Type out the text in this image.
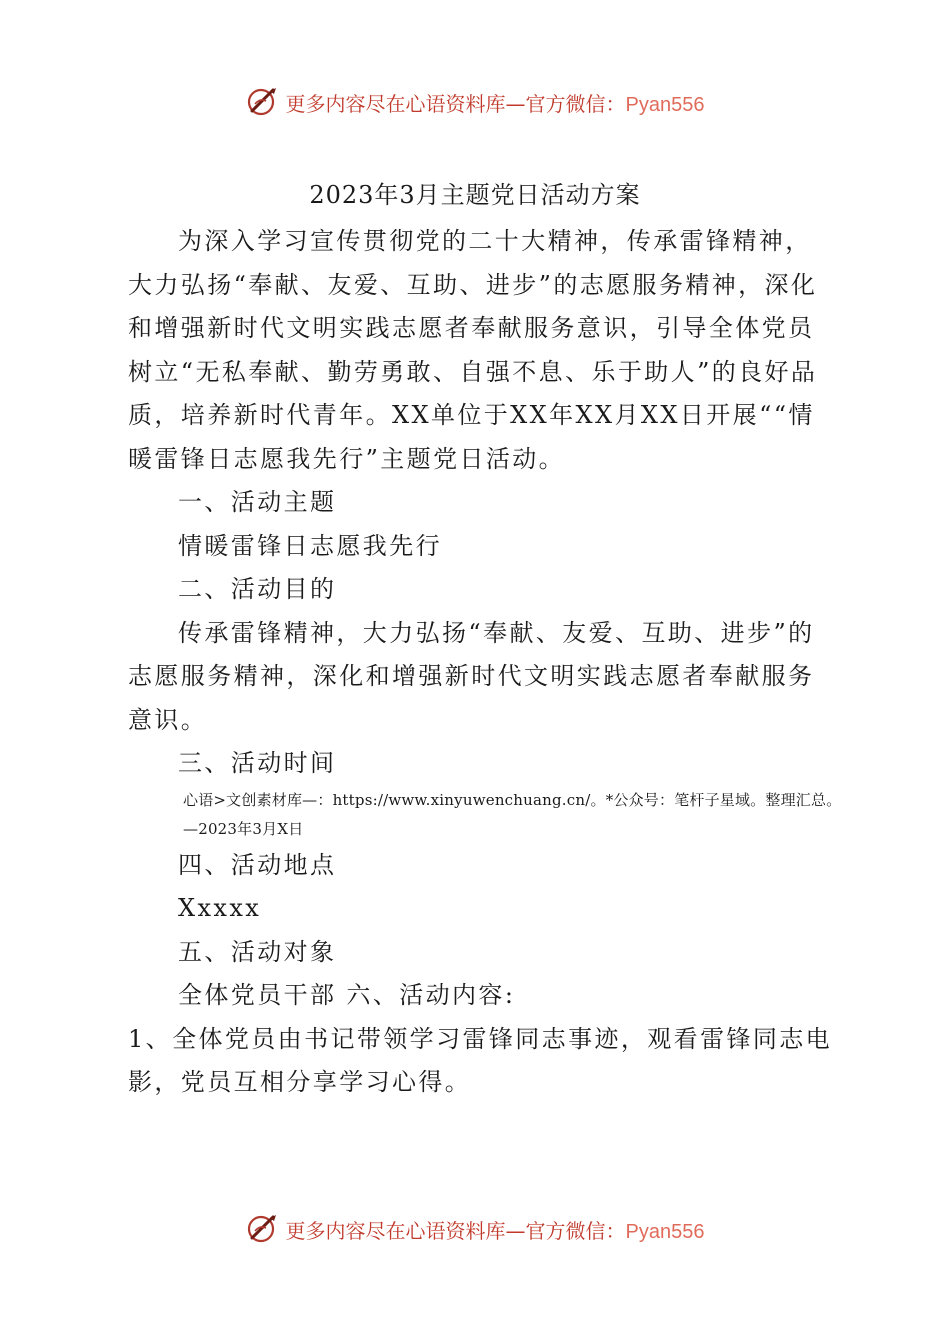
更多内容尽在心语资料库—官方微信：Pyan556
2023年3月主题党日活动方案

为深入学习宣传贯彻党的二十大精神，传承雷锋精神，大力弘扬“奉献、友爱、互助、进步”的志愿服务精神，深化和增强新时代文明实践志愿者奉献服务意识，引导全体党员树立“无私奉献、勤劳勇敢、自强不息、乐于助人”的良好品质，培养新时代青年。XX单位于XX年XX月XX日开展““情暖雷锋日志愿我先行”主题党日活动。

一、活动主题

情暖雷锋日志愿我先行

二、活动目的

传承雷锋精神，大力弘扬“奉献、友爱、互助、进步”的志愿服务精神，深化和增强新时代文明实践志愿者奉献服务意识。

三、活动时间

心语>文创素材库—：https://www.xinyuwenchuang.cn/。*公众号：笔杆子星域。整理汇总。

—2023年3月X日

四、活动地点

Xxxxx

五、活动对象

全体党员干部 六、活动内容:

1、全体党员由书记带领学习雷锋同志事迹，观看雷锋同志电影，党员互相分享学习心得。

更多内容尽在心语资料库—官方微信：Pyan556
